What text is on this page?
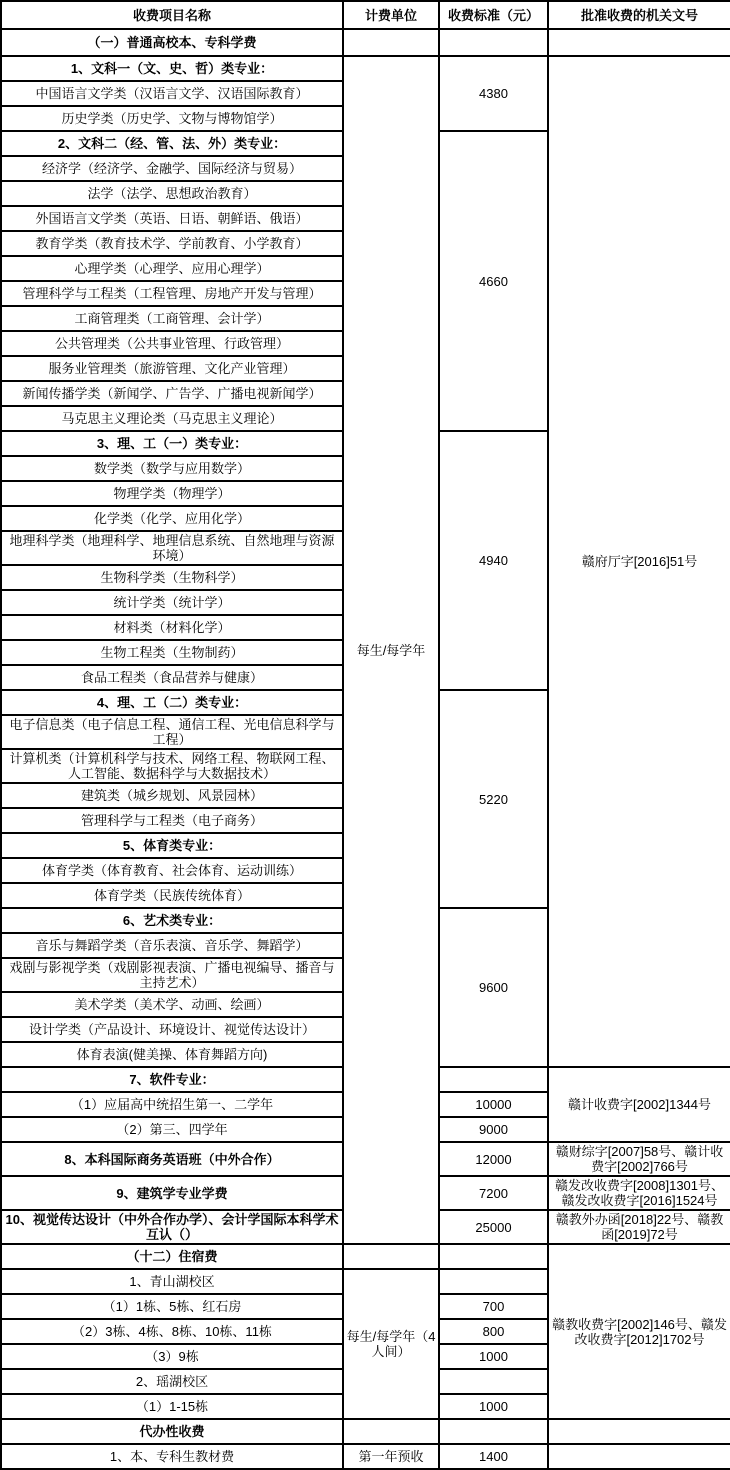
收费项目名称	计费单位	收费标准（元）	批准收费的机关文号
（一）普通高校本、专科学费			
1、文科一（文、史、哲）类专业：	每生/每学年	4380	赣府厅字[2016]51号
中国语言文学类（汉语言文学、汉语国际教育）			
历史学类（历史学、文物与博物馆学）			
2、文科二（经、管、法、外）类专业：		4660	
经济学（经济学、金融学、国际经济与贸易）			
法学（法学、思想政治教育）			
外国语言文学类（英语、日语、朝鲜语、俄语）			
教育学类（教育技术学、学前教育、小学教育）			
心理学类（心理学、应用心理学）			
管理科学与工程类（工程管理、房地产开发与管理）			
工商管理类（工商管理、会计学）			
公共管理类（公共事业管理、行政管理）			
服务业管理类（旅游管理、文化产业管理）			
新闻传播学类（新闻学、广告学、广播电视新闻学）			
马克思主义理论类（马克思主义理论）			
3、理、工（一）类专业：		4940	
数学类（数学与应用数学）			
物理学类（物理学）			
化学类（化学、应用化学）			
地理科学类（地理科学、地理信息系统、自然地理与资源环境）			
生物科学类（生物科学）			
统计学类（统计学）			
材料类（材料化学）			
生物工程类（生物制药）			
食品工程类（食品营养与健康）			
4、理、工（二）类专业：		5220	
电子信息类（电子信息工程、通信工程、光电信息科学与工程）			
计算机类（计算机科学与技术、网络工程、物联网工程、人工智能、数据科学与大数据技术）			
建筑类（城乡规划、风景园林）			
管理科学与工程类（电子商务）			
5、体育类专业：			
体育学类（体育教育、社会体育、运动训练）			
体育学类（民族传统体育）			
6、艺术类专业：		9600	
音乐与舞蹈学类（音乐表演、音乐学、舞蹈学）			
戏剧与影视学类（戏剧影视表演、广播电视编导、播音与主持艺术）			
美术学类（美术学、动画、绘画）			
设计学类（产品设计、环境设计、视觉传达设计）			
体育表演(健美操、体育舞蹈方向)			
7、软件专业：			赣计收费字[2002]1344号
（1）应届高中统招生第一、二学年		10000	
（2）第三、四学年		9000	
8、本科国际商务英语班（中外合作）		12000	赣财综字[2007]58号、赣计收费字[2002]766号
9、建筑学专业学费		7200	赣发改收费字[2008]1301号、赣发改收费字[2016]1524号
10、视觉传达设计（中外合作办学）、会计学国际本科学术互认（）		25000	赣教外办函[2018]22号、赣教函[2019]72号
（十二）住宿费			赣教收费字[2002]146号、赣发改收费字[2012]1702号
1、青山湖校区	每生/每学年（4人间）		
（1）1栋、5栋、红石房		700	
（2）3栋、4栋、8栋、10栋、11栋		800	
（3）9栋		1000	
2、瑶湖校区			
（1）1-15栋		1000	
代办性收费			
1、本、专科生教材费	第一年预收	1400	
